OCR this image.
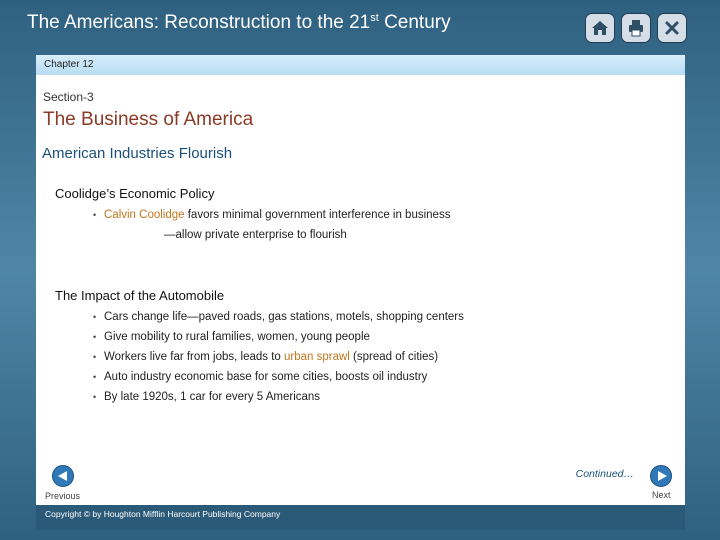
The Americans: Reconstruction to the 21st Century
Chapter 12
Section-3
The Business of America
American Industries Flourish
Coolidge’s Economic Policy
• Calvin Coolidge favors minimal government interference in business
—allow private enterprise to flourish
The Impact of the Automobile
• Cars change life—paved roads, gas stations, motels, shopping centers
• Give mobility to rural families, women, young people
• Workers live far from jobs, leads to urban sprawl (spread of cities)
• Auto industry economic base for some cities, boosts oil industry
• By late 1920s, 1 car for every 5 Americans
Continued…
Previous	Next
Copyright © by Houghton Mifflin Harcourt Publishing Company
